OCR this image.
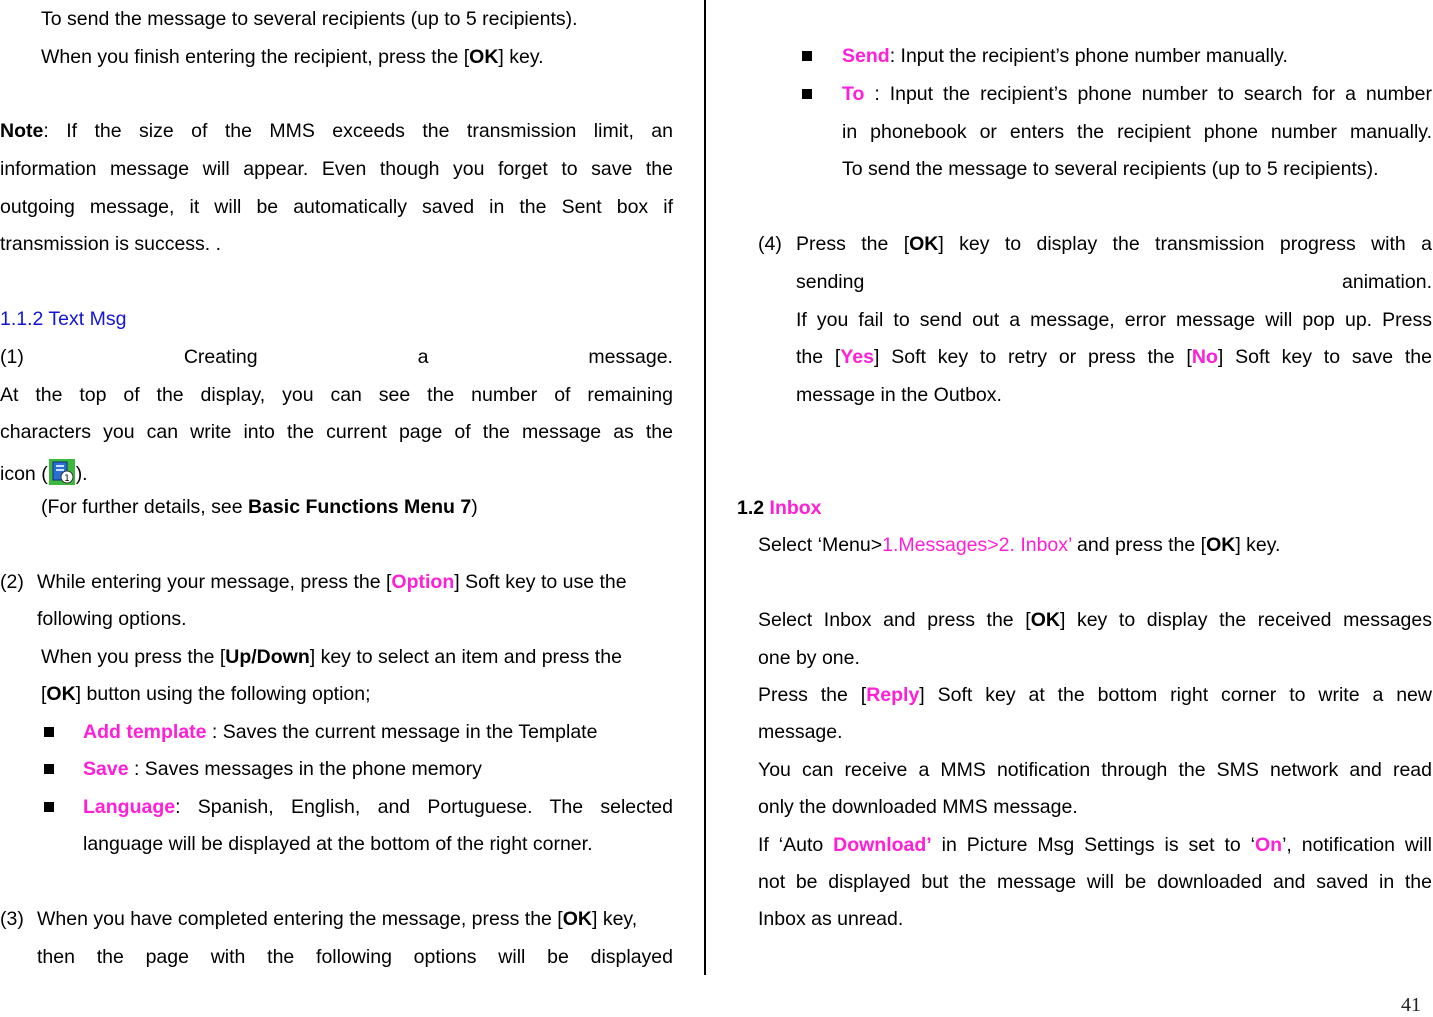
To send the message to several recipients (up to 5 recipients).
When you finish entering the recipient, press the [OK] key.
Note: If the size of the MMS exceeds the transmission limit, an
information message will appear. Even though you forget to save the
outgoing message, it will be automatically saved in the Sent box if
transmission is success. .
1.1.2 Text Msg
(1)	Creating	a	message.
At the top of the display, you can see the number of remaining
characters you can write into the current page of the message as the
icon ( 1 ).
(For further details, see Basic Functions Menu 7)
(2) While entering your message, press the [Option] Soft key to use the
following options.
When you press the [Up/Down] key to select an item and press the
[OK] button using the following option;
Add template : Saves the current message in the Template
Save : Saves messages in the phone memory
Language: Spanish, English, and Portuguese. The selected
language will be displayed at the bottom of the right corner.
(3) When you have completed entering the message, press the [OK] key,
then the page with the following options will be displayed
Send: Input the recipient’s phone number manually.
To : Input the recipient’s phone number to search for a number
in phonebook or enters the recipient phone number manually.
To send the message to several recipients (up to 5 recipients).
(4) Press the [OK] key to display the transmission progress with a
sending	animation.
If you fail to send out a message, error message will pop up. Press
the [Yes] Soft key to retry or press the [No] Soft key to save the
message in the Outbox.
1.2 Inbox
Select ‘Menu>1.Messages>2. Inbox’ and press the [OK] key.
Select Inbox and press the [OK] key to display the received messages
one by one.
Press the [Reply] Soft key at the bottom right corner to write a new
message.
You can receive a MMS notification through the SMS network and read
only the downloaded MMS message.
If ‘Auto Download’ in Picture Msg Settings is set to ‘On’, notification will
not be displayed but the message will be downloaded and saved in the
Inbox as unread.
41
